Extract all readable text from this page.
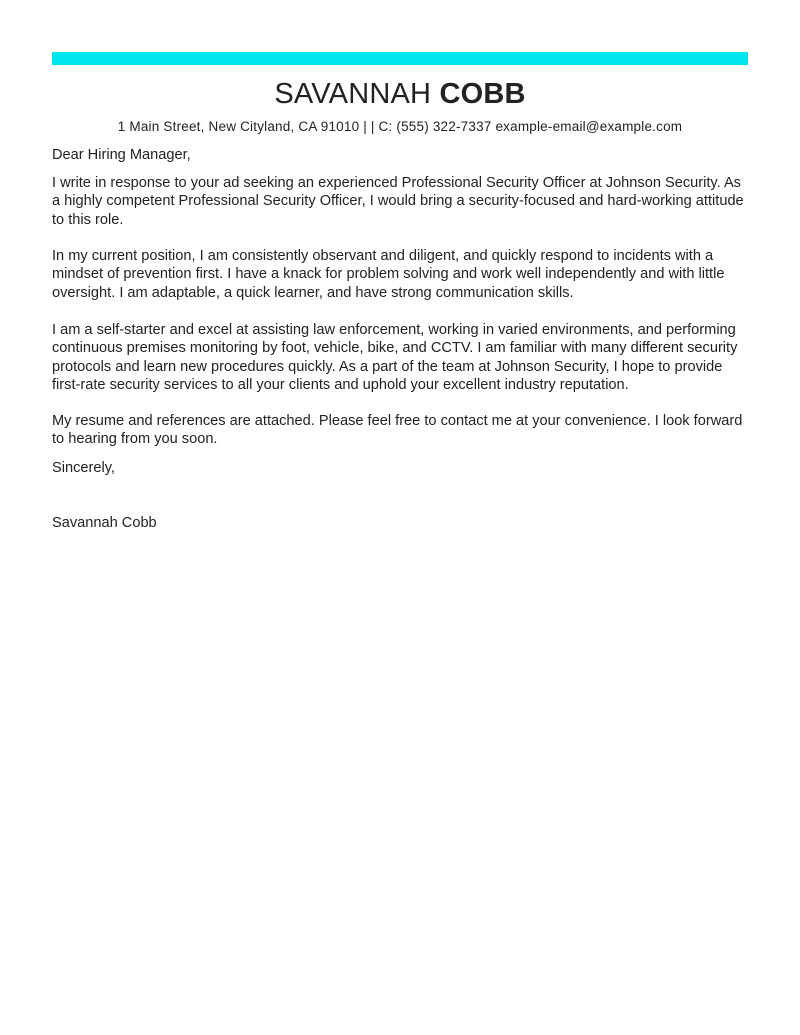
SAVANNAH COBB
1 Main Street, New Cityland, CA 91010 | | C: (555) 322-7337 example-email@example.com
Dear Hiring Manager,
I write in response to your ad seeking an experienced Professional Security Officer at Johnson Security. As a highly competent Professional Security Officer, I would bring a security-focused and hard-working attitude to this role.
In my current position, I am consistently observant and diligent, and quickly respond to incidents with a mindset of prevention first. I have a knack for problem solving and work well independently and with little oversight. I am adaptable, a quick learner, and have strong communication skills.
I am a self-starter and excel at assisting law enforcement, working in varied environments, and performing continuous premises monitoring by foot, vehicle, bike, and CCTV. I am familiar with many different security protocols and learn new procedures quickly. As a part of the team at Johnson Security, I hope to provide first-rate security services to all your clients and uphold your excellent industry reputation.
My resume and references are attached. Please feel free to contact me at your convenience. I look forward to hearing from you soon.
Sincerely,
Savannah Cobb
